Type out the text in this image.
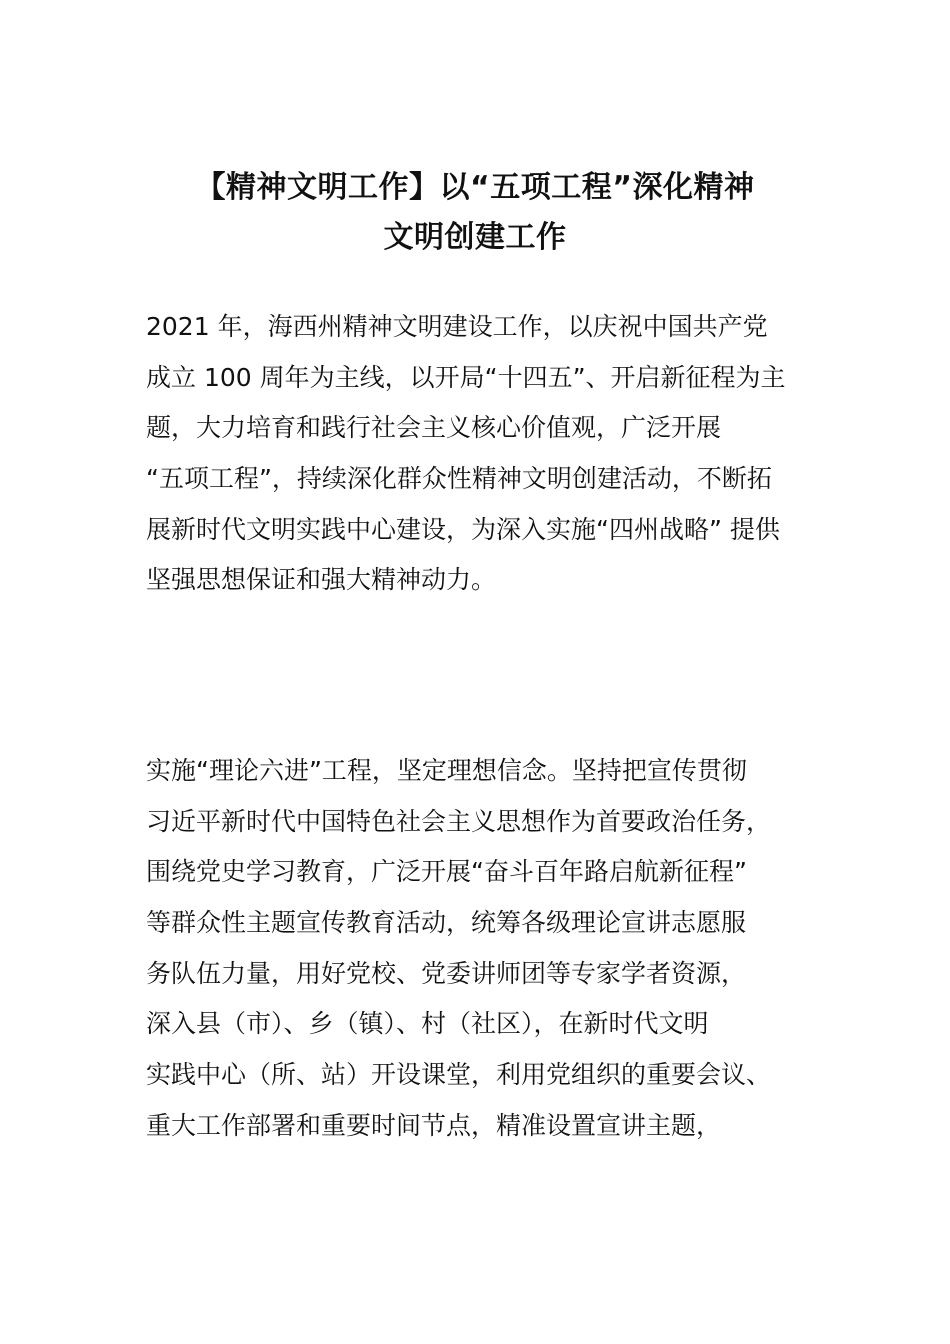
【精神文明工作】以“五项工程”深化精神
文明创建工作
2021 年，海西州精神文明建设工作，以庆祝中国共产党
成立 100 周年为主线，以开局“十四五”、开启新征程为主
题，大力培育和践行社会主义核心价值观，广泛开展
“五项工程”，持续深化群众性精神文明创建活动，不断拓
展新时代文明实践中心建设，为深入实施“四州战略” 提供
坚强思想保证和强大精神动力。
实施“理论六进”工程，坚定理想信念。坚持把宣传贯彻
习近平新时代中国特色社会主义思想作为首要政治任务，
围绕党史学习教育，广泛开展“奋斗百年路启航新征程”
等群众性主题宣传教育活动，统筹各级理论宣讲志愿服
务队伍力量，用好党校、党委讲师团等专家学者资源，
深入县（市）、乡（镇）、村（社区），在新时代文明
实践中心（所、站）开设课堂，利用党组织的重要会议、
重大工作部署和重要时间节点，精准设置宣讲主题，
